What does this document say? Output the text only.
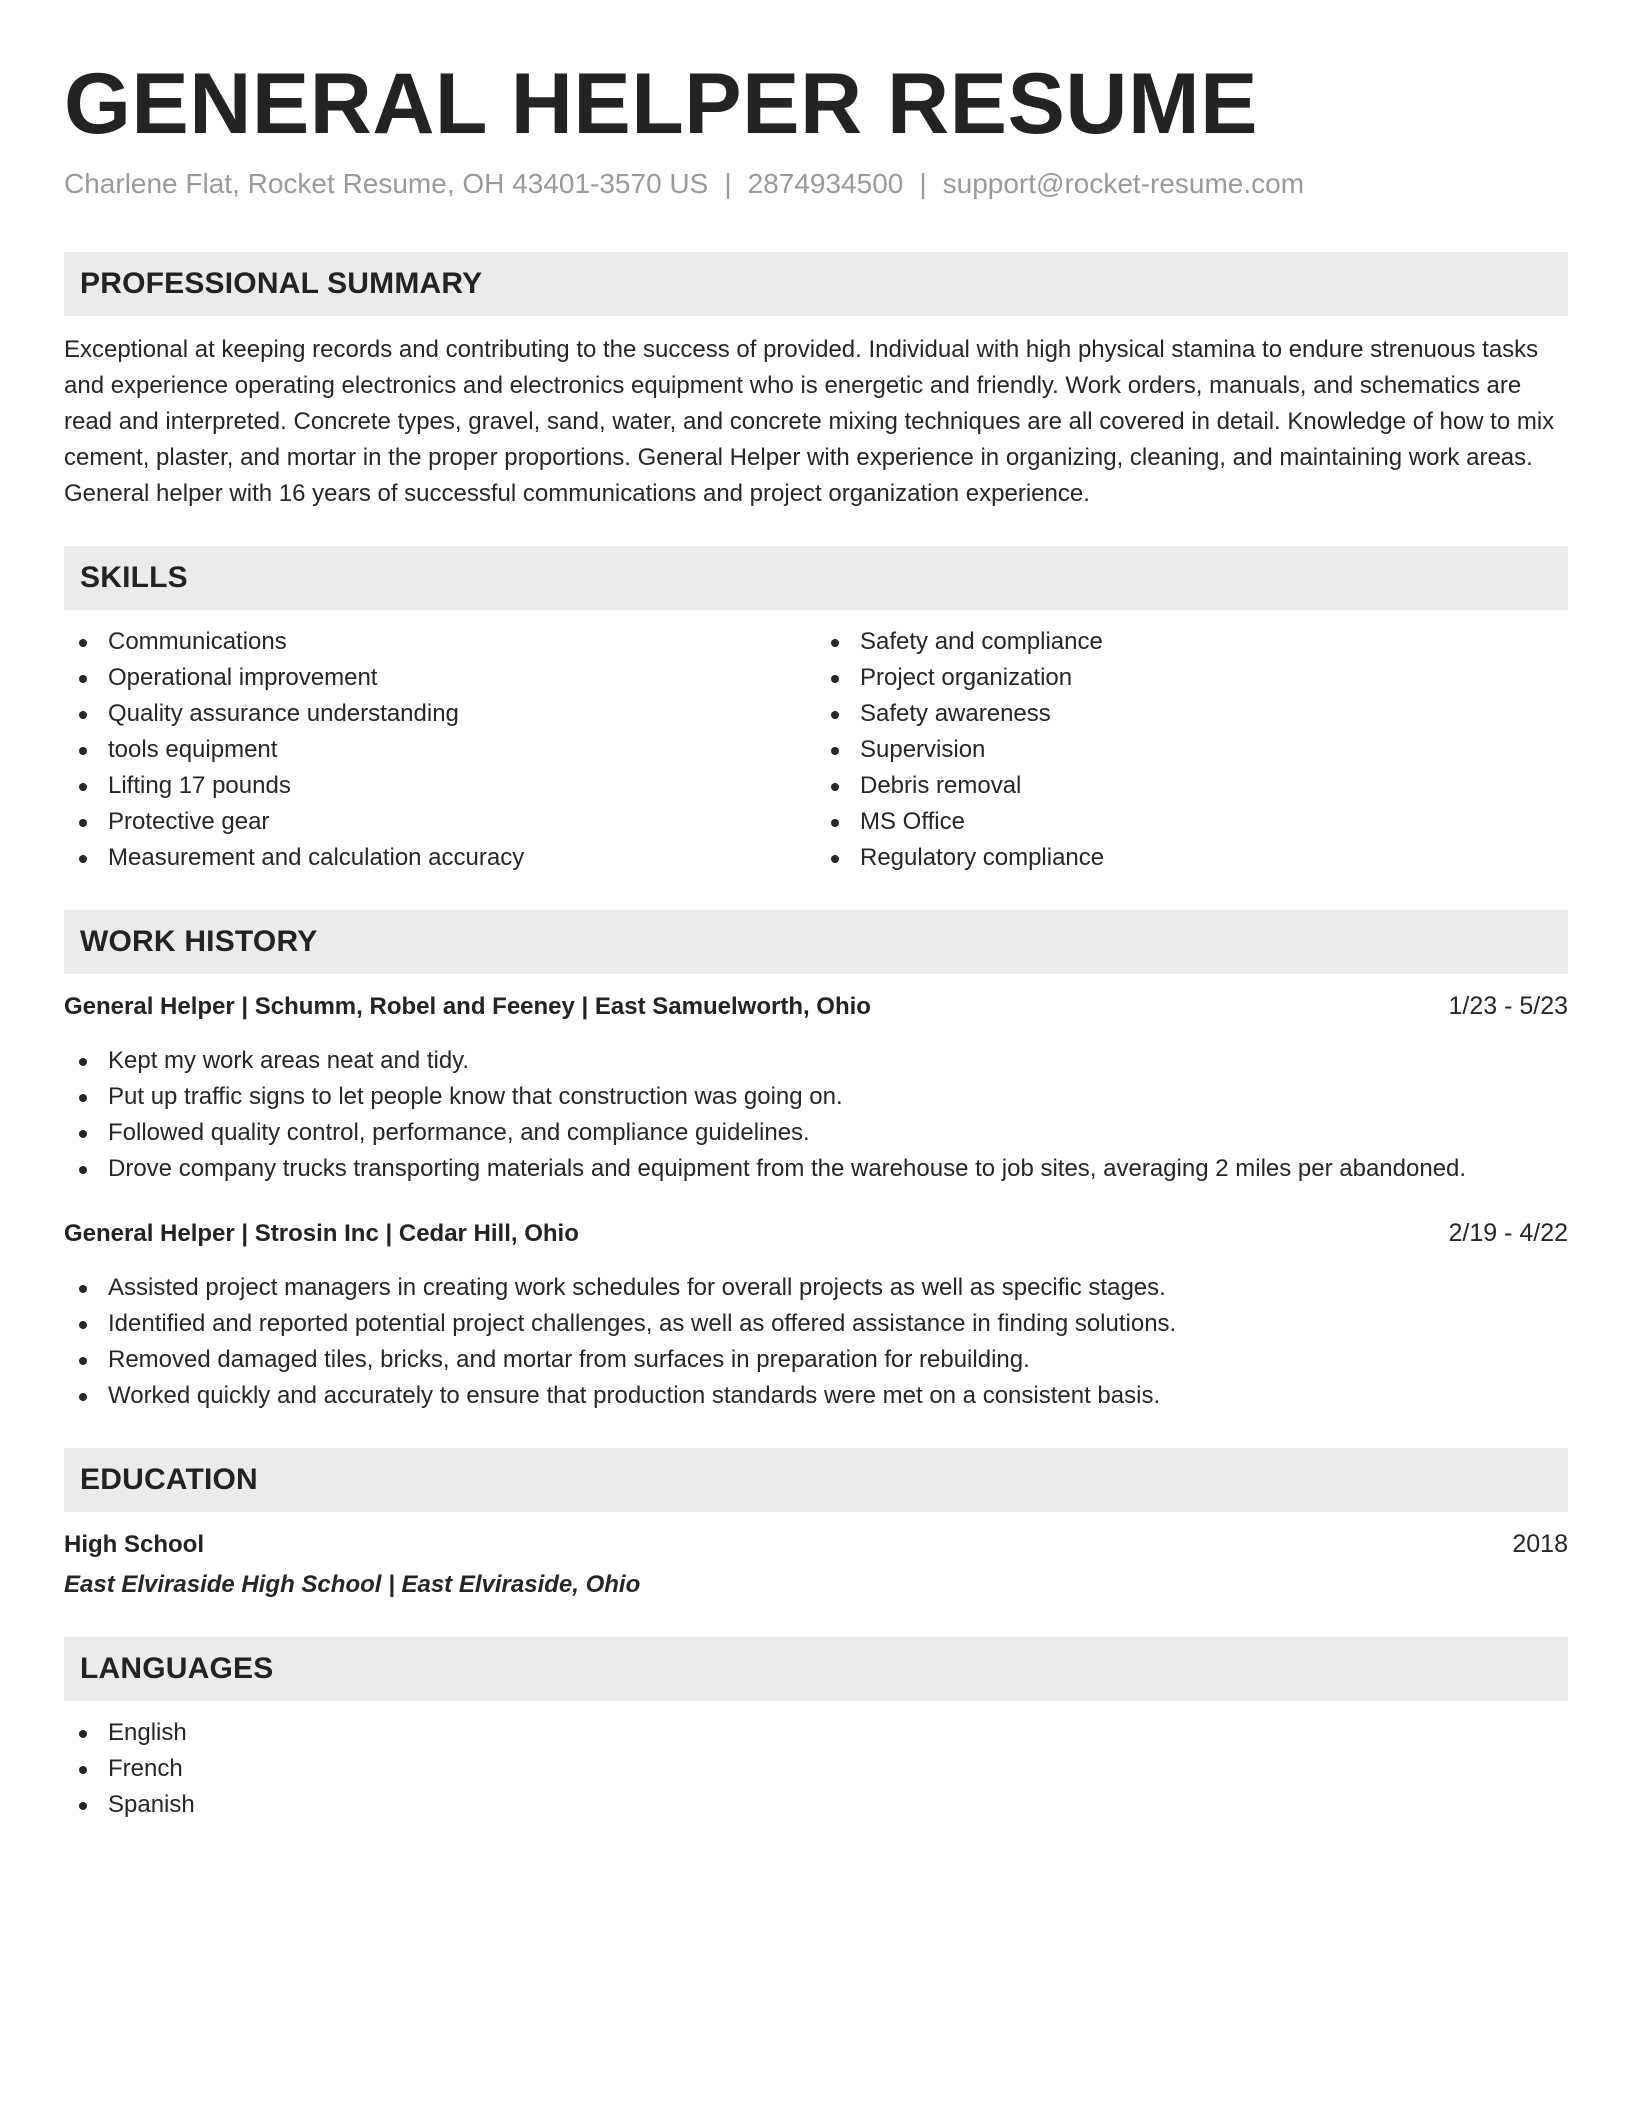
GENERAL HELPER RESUME
Charlene Flat, Rocket Resume, OH 43401-3570 US | 2874934500 | support@rocket-resume.com
PROFESSIONAL SUMMARY
Exceptional at keeping records and contributing to the success of provided. Individual with high physical stamina to endure strenuous tasks and experience operating electronics and electronics equipment who is energetic and friendly. Work orders, manuals, and schematics are read and interpreted. Concrete types, gravel, sand, water, and concrete mixing techniques are all covered in detail. Knowledge of how to mix cement, plaster, and mortar in the proper proportions. General Helper with experience in organizing, cleaning, and maintaining work areas. General helper with 16 years of successful communications and project organization experience.
SKILLS
Communications
Operational improvement
Quality assurance understanding
tools equipment
Lifting 17 pounds
Protective gear
Measurement and calculation accuracy
Safety and compliance
Project organization
Safety awareness
Supervision
Debris removal
MS Office
Regulatory compliance
WORK HISTORY
General Helper | Schumm, Robel and Feeney | East Samuelworth, Ohio	1/23 - 5/23
Kept my work areas neat and tidy.
Put up traffic signs to let people know that construction was going on.
Followed quality control, performance, and compliance guidelines.
Drove company trucks transporting materials and equipment from the warehouse to job sites, averaging 2 miles per abandoned.
General Helper | Strosin Inc | Cedar Hill, Ohio	2/19 - 4/22
Assisted project managers in creating work schedules for overall projects as well as specific stages.
Identified and reported potential project challenges, as well as offered assistance in finding solutions.
Removed damaged tiles, bricks, and mortar from surfaces in preparation for rebuilding.
Worked quickly and accurately to ensure that production standards were met on a consistent basis.
EDUCATION
High School	2018
East Elviraside High School | East Elviraside, Ohio
LANGUAGES
English
French
Spanish
